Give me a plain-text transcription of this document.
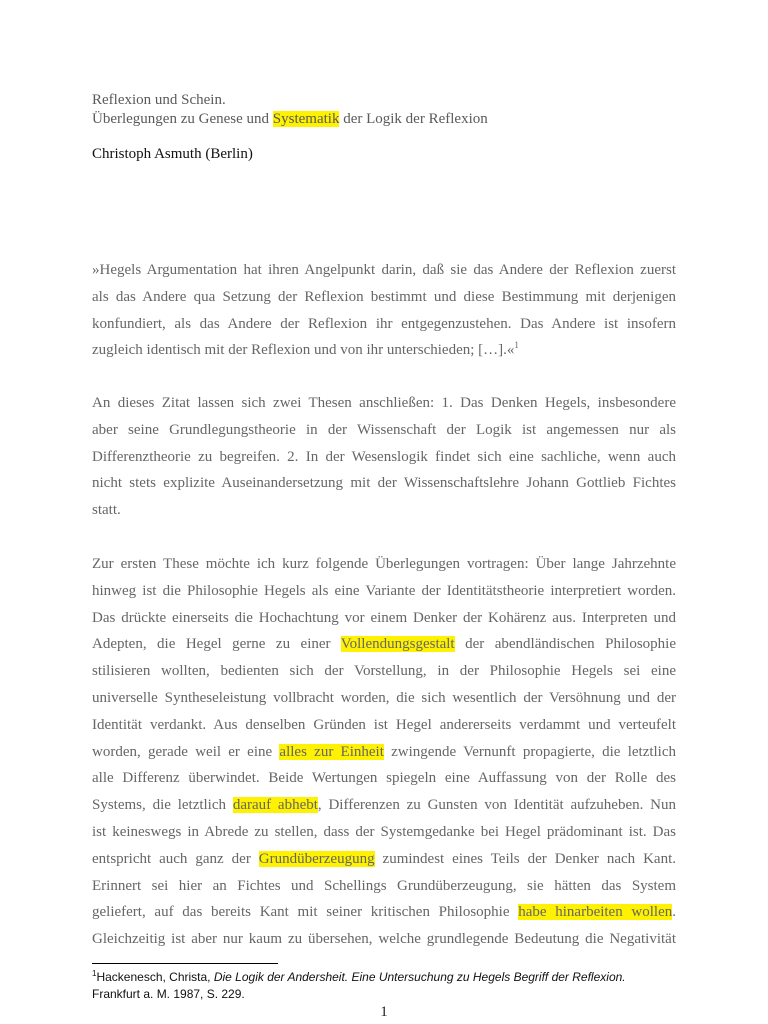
Reflexion und Schein.
Überlegungen zu Genese und Systematik der Logik der Reflexion
Christoph Asmuth (Berlin)
»Hegels Argumentation hat ihren Angelpunkt darin, daß sie das Andere der Reflexion zuerst
als das Andere qua Setzung der Reflexion bestimmt und diese Bestimmung mit derjenigen
konfundiert, als das Andere der Reflexion ihr entgegenzustehen. Das Andere ist insofern
zugleich identisch mit der Reflexion und von ihr unterschieden; […].«$^1$
An dieses Zitat lassen sich zwei Thesen anschließen: 1. Das Denken Hegels, insbesondere
aber seine Grundlegungstheorie in der Wissenschaft der Logik ist angemessen nur als
Differenztheorie zu begreifen. 2. In der Wesenslogik findet sich eine sachliche, wenn auch
nicht stets explizite Auseinandersetzung mit der Wissenschaftslehre Johann Gottlieb Fichtes
statt.
Zur ersten These möchte ich kurz folgende Überlegungen vortragen: Über lange Jahrzehnte
hinweg ist die Philosophie Hegels als eine Variante der Identitätstheorie interpretiert worden.
Das drückte einerseits die Hochachtung vor einem Denker der Kohärenz aus. Interpreten und
Adepten, die Hegel gerne zu einer Vollendungsgestalt der abendländischen Philosophie
stilisieren wollten, bedienten sich der Vorstellung, in der Philosophie Hegels sei eine
universelle Syntheseleistung vollbracht worden, die sich wesentlich der Versöhnung und der
Identität verdankt. Aus denselben Gründen ist Hegel andererseits verdammt und verteufelt
worden, gerade weil er eine alles zur Einheit zwingende Vernunft propagierte, die letztlich
alle Differenz überwindet. Beide Wertungen spiegeln eine Auffassung von der Rolle des
Systems, die letztlich darauf abhebt, Differenzen zu Gunsten von Identität aufzuheben. Nun
ist keineswegs in Abrede zu stellen, dass der Systemgedanke bei Hegel prädominant ist. Das
entspricht auch ganz der Grundüberzeugung zumindest eines Teils der Denker nach Kant.
Erinnert sei hier an Fichtes und Schellings Grundüberzeugung, sie hätten das System
geliefert, auf das bereits Kant mit seiner kritischen Philosophie habe hinarbeiten wollen.
Gleichzeitig ist aber nur kaum zu übersehen, welche grundlegende Bedeutung die Negativität
$^1$Hackenesch, Christa, Die Logik der Andersheit. Eine Untersuchung zu Hegels Begriff der Reflexion.
Frankfurt a. M. 1987, S. 229.
1
